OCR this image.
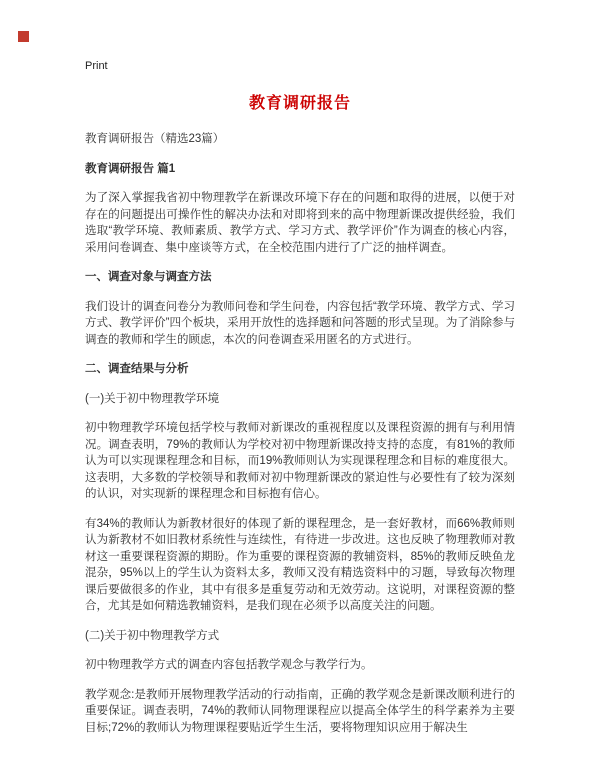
Print
教育调研报告
教育调研报告（精选23篇）
教育调研报告 篇1
为了深入掌握我省初中物理教学在新课改环境下存在的问题和取得的进展，以便于对存在的问题提出可操作性的解决办法和对即将到来的高中物理新课改提供经验，我们选取“教学环境、教师素质、教学方式、学习方式、教学评价”作为调查的核心内容，采用问卷调查、集中座谈等方式，在全校范围内进行了广泛的抽样调查。
一、调查对象与调查方法
我们设计的调查问卷分为教师问卷和学生问卷，内容包括“教学环境、教学方式、学习方式、教学评价”四个板块，采用开放性的选择题和问答题的形式呈现。为了消除参与调查的教师和学生的顾虑，本次的问卷调查采用匿名的方式进行。
二、调查结果与分析
(一)关于初中物理教学环境
初中物理教学环境包括学校与教师对新课改的重视程度以及课程资源的拥有与利用情况。调查表明，79%的教师认为学校对初中物理新课改持支持的态度，有81%的教师认为可以实现课程理念和目标，而19%教师则认为实现课程理念和目标的难度很大。这表明，大多数的学校领导和教师对初中物理新课改的紧迫性与必要性有了较为深刻的认识，对实现新的课程理念和目标抱有信心。
有34%的教师认为新教材很好的体现了新的课程理念，是一套好教材，而66%教师则认为新教材不如旧教材系统性与连续性，有待进一步改进。这也反映了物理教师对教材这一重要课程资源的期盼。作为重要的课程资源的教辅资料，85%的教师反映鱼龙混杂，95%以上的学生认为资料太多，教师又没有精选资料中的习题，导致每次物理课后要做很多的作业，其中有很多是重复劳动和无效劳动。这说明，对课程资源的整合，尤其是如何精选教辅资料，是我们现在必须予以高度关注的问题。
(二)关于初中物理教学方式
初中物理教学方式的调查内容包括教学观念与教学行为。
教学观念:是教师开展物理教学活动的行动指南，正确的教学观念是新课改顺利进行的重要保证。调查表明，74%的教师认同物理课程应以提高全体学生的科学素养为主要目标;72%的教师认为物理课程要贴近学生生活，要将物理知识应用于解决生
